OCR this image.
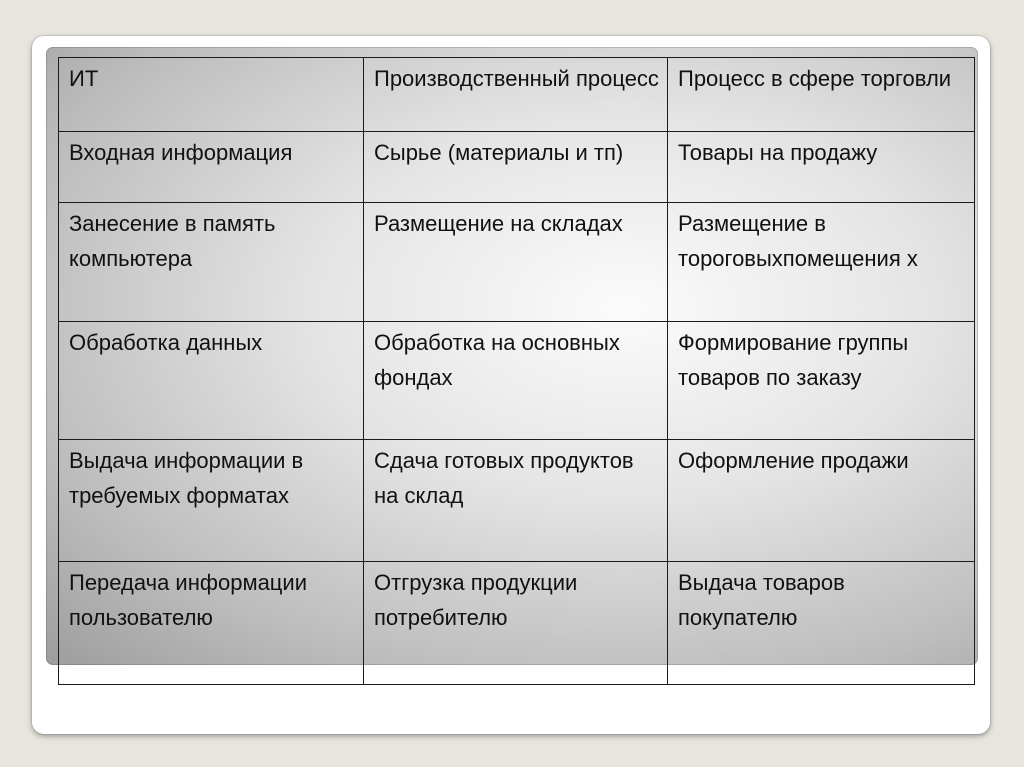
ИТ	Производственный процесс	Процесс в сфере торговли
Входная информация	Сырье (материалы и тп)	Товары на продажу
Занесение в память компьютера	Размещение на складах	Размещение в тороговыхпомещения х
Обработка данных	Обработка на основных фондах	Формирование группы товаров по заказу
Выдача информации в требуемых форматах	Сдача готовых продуктов на склад	Оформление продажи
Передача информации пользователю	Отгрузка продукции потребителю	Выдача товаров покупателю
